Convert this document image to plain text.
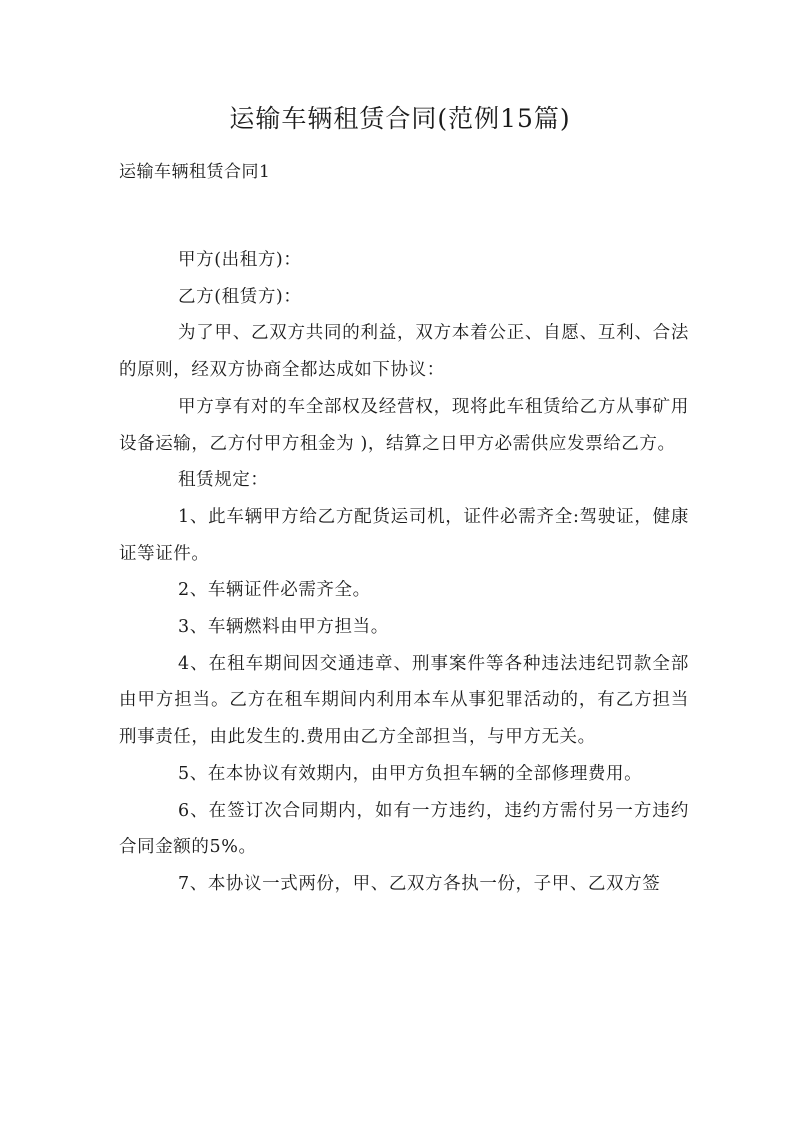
运输车辆租赁合同(范例15篇)
运输车辆租赁合同1

甲方(出租方)：

乙方(租赁方)：

为了甲、乙双方共同的利益，双方本着公正、自愿、互利、合法的原则，经双方协商全都达成如下协议：

甲方享有对的车全部权及经营权，现将此车租赁给乙方从事矿用设备运输，乙方付甲方租金为 )，结算之日甲方必需供应发票给乙方。

租赁规定：

1、此车辆甲方给乙方配货运司机，证件必需齐全:驾驶证，健康证等证件。

2、车辆证件必需齐全。

3、车辆燃料由甲方担当。

4、在租车期间因交通违章、刑事案件等各种违法违纪罚款全部由甲方担当。乙方在租车期间内利用本车从事犯罪活动的，有乙方担当刑事责任，由此发生的.费用由乙方全部担当，与甲方无关。

5、在本协议有效期内，由甲方负担车辆的全部修理费用。

6、在签订次合同期内，如有一方违约，违约方需付另一方违约合同金额的5%。

7、本协议一式两份，甲、乙双方各执一份，子甲、乙双方签
